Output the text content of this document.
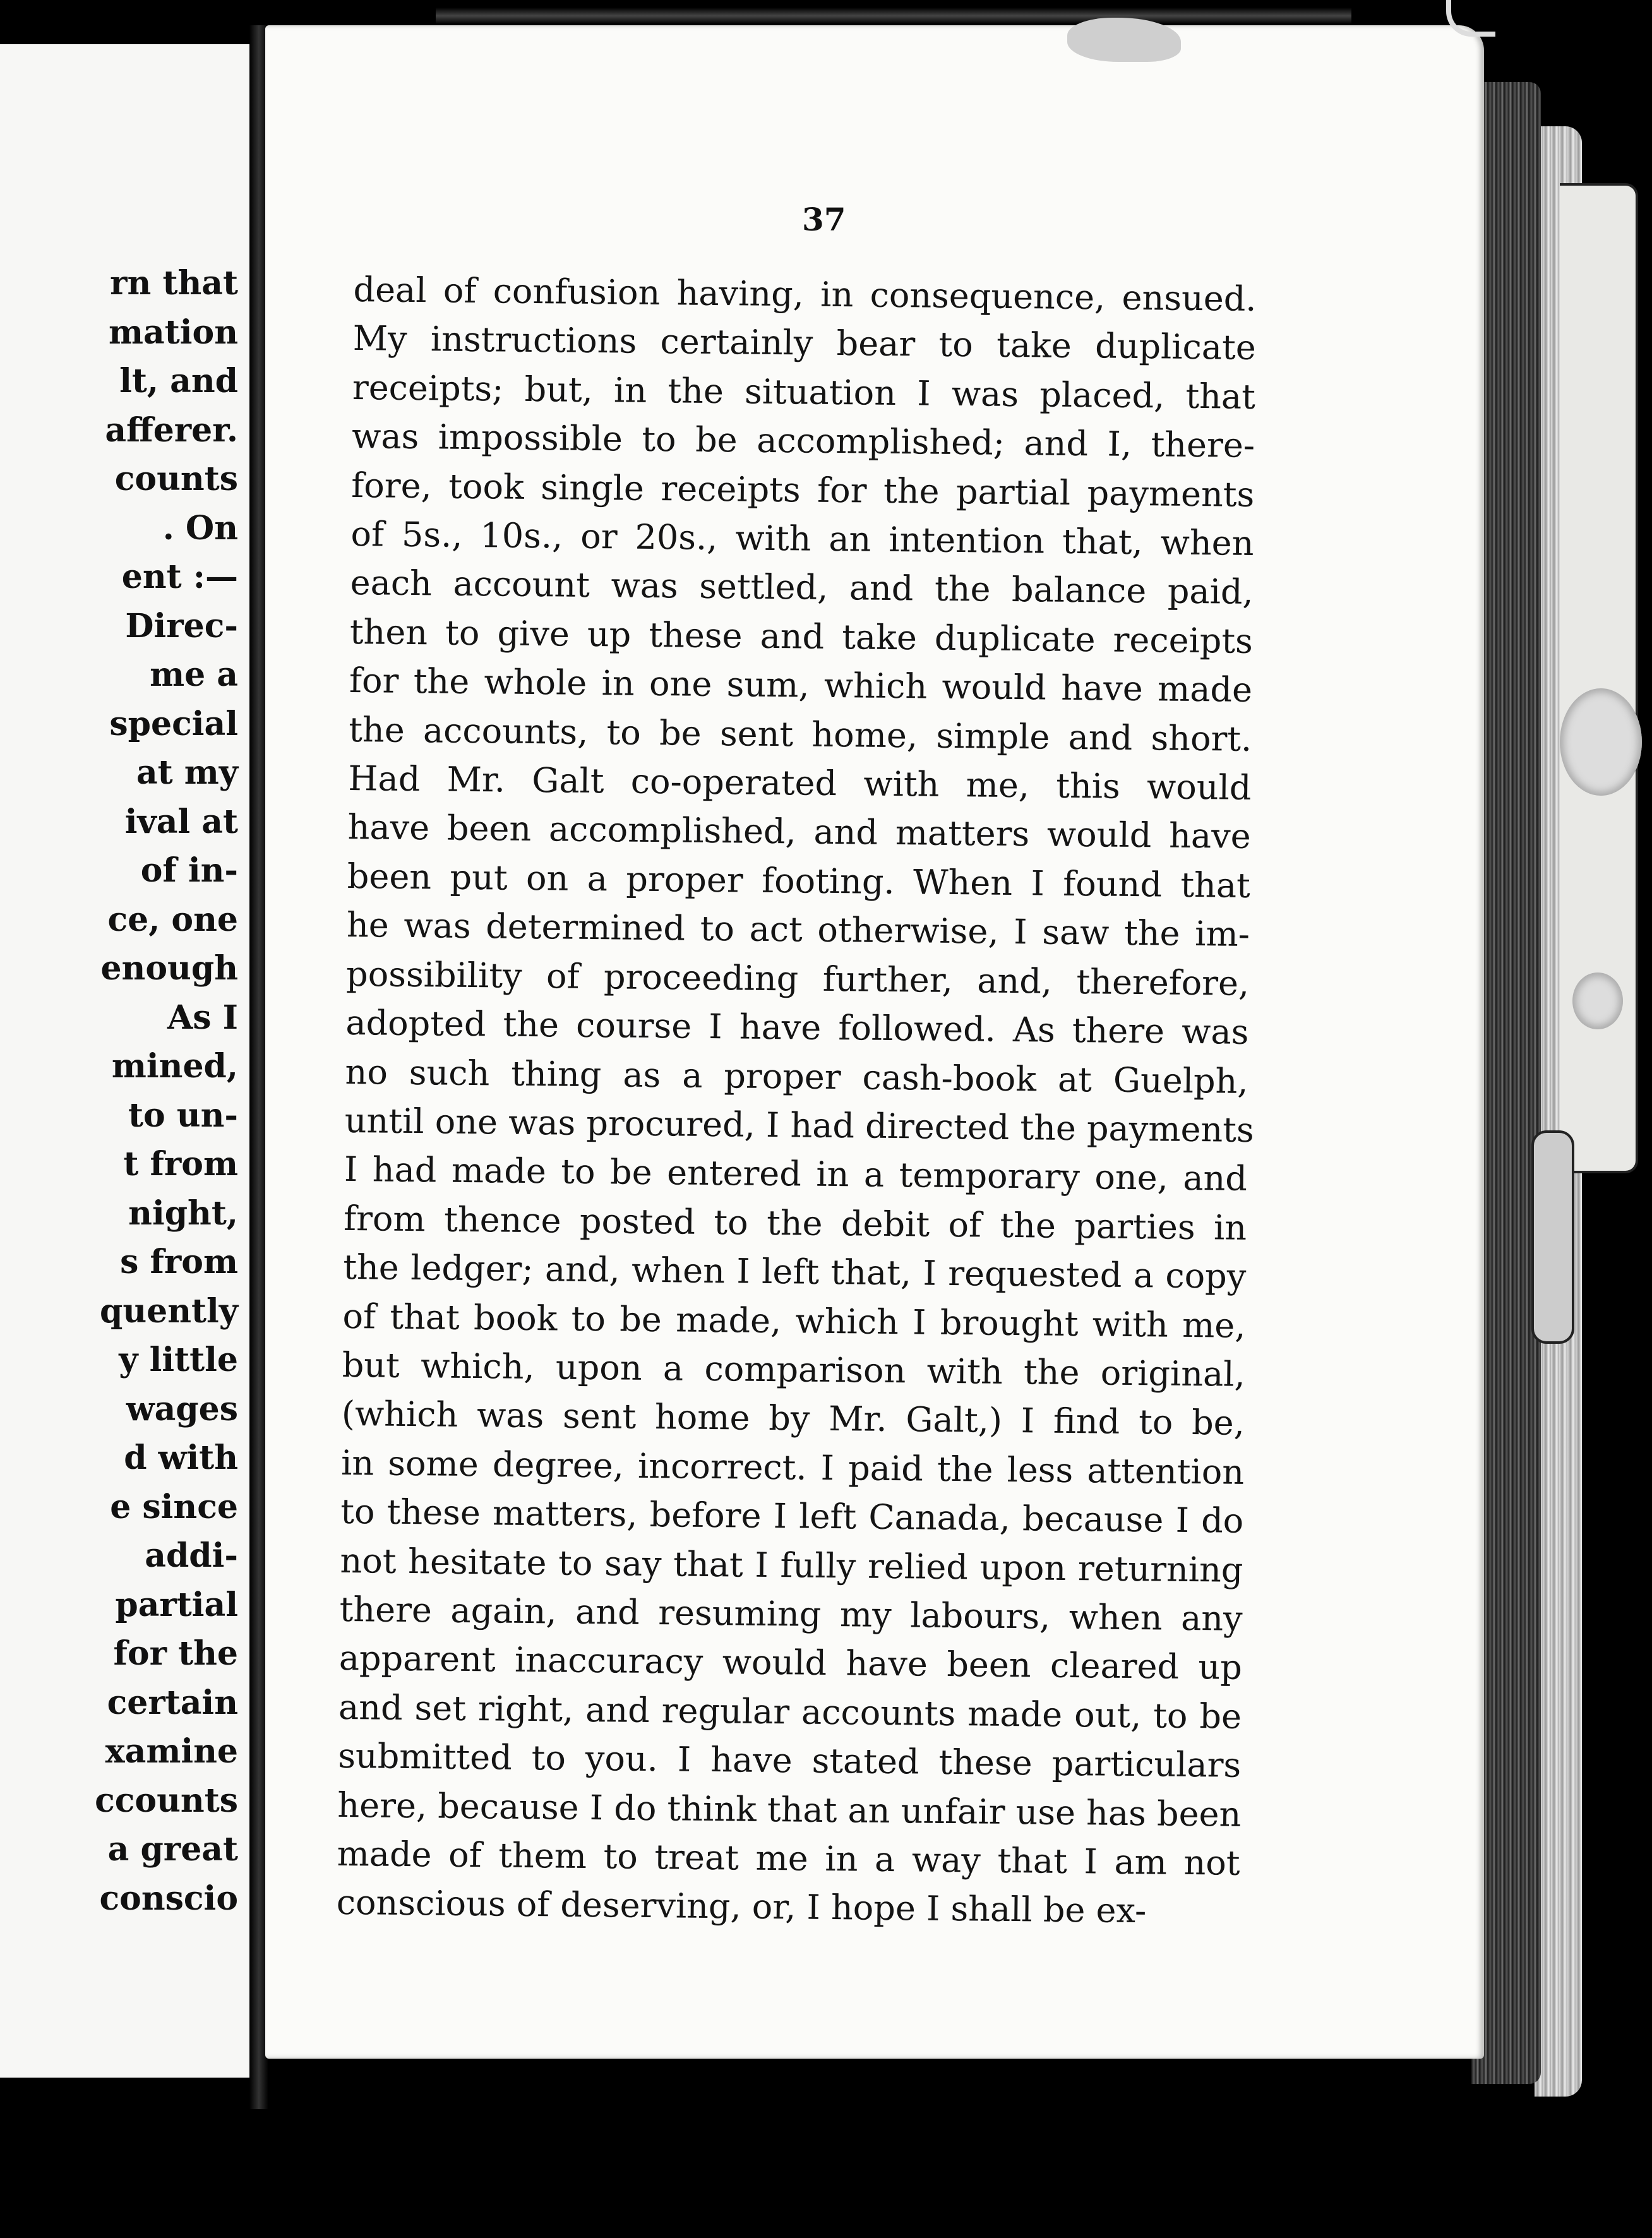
rn that
mation
lt, and
afferer.
counts
. On
ent :—
Direc-
me a
special
at my
ival at
of in-
ce, one
enough
As I
mined,
to un-
t from
night,
s from
quently
y little
wages
d with
e since
addi-
partial
for the
certain
xamine
ccounts
a great
conscio
37
deal of confusion having, in consequence, ensued.
My instructions certainly bear to take duplicate
receipts; but, in the situation I was placed, that
was impossible to be accomplished; and I, there-
fore, took single receipts for the partial payments
of 5s., 10s., or 20s., with an intention that, when
each account was settled, and the balance paid,
then to give up these and take duplicate receipts
for the whole in one sum, which would have made
the accounts, to be sent home, simple and short.
Had Mr. Galt co-operated with me, this would
have been accomplished, and matters would have
been put on a proper footing. When I found that
he was determined to act otherwise, I saw the im-
possibility of proceeding further, and, therefore,
adopted the course I have followed. As there was
no such thing as a proper cash-book at Guelph,
until one was procured, I had directed the payments
I had made to be entered in a temporary one, and
from thence posted to the debit of the parties in
the ledger; and, when I left that, I requested a copy
of that book to be made, which I brought with me,
but which, upon a comparison with the original,
(which was sent home by Mr. Galt,) I find to be,
in some degree, incorrect. I paid the less attention
to these matters, before I left Canada, because I do
not hesitate to say that I fully relied upon returning
there again, and resuming my labours, when any
apparent inaccuracy would have been cleared up
and set right, and regular accounts made out, to be
submitted to you. I have stated these particulars
here, because I do think that an unfair use has been
made of them to treat me in a way that I am not
conscious of deserving, or, I hope I shall be ex-
